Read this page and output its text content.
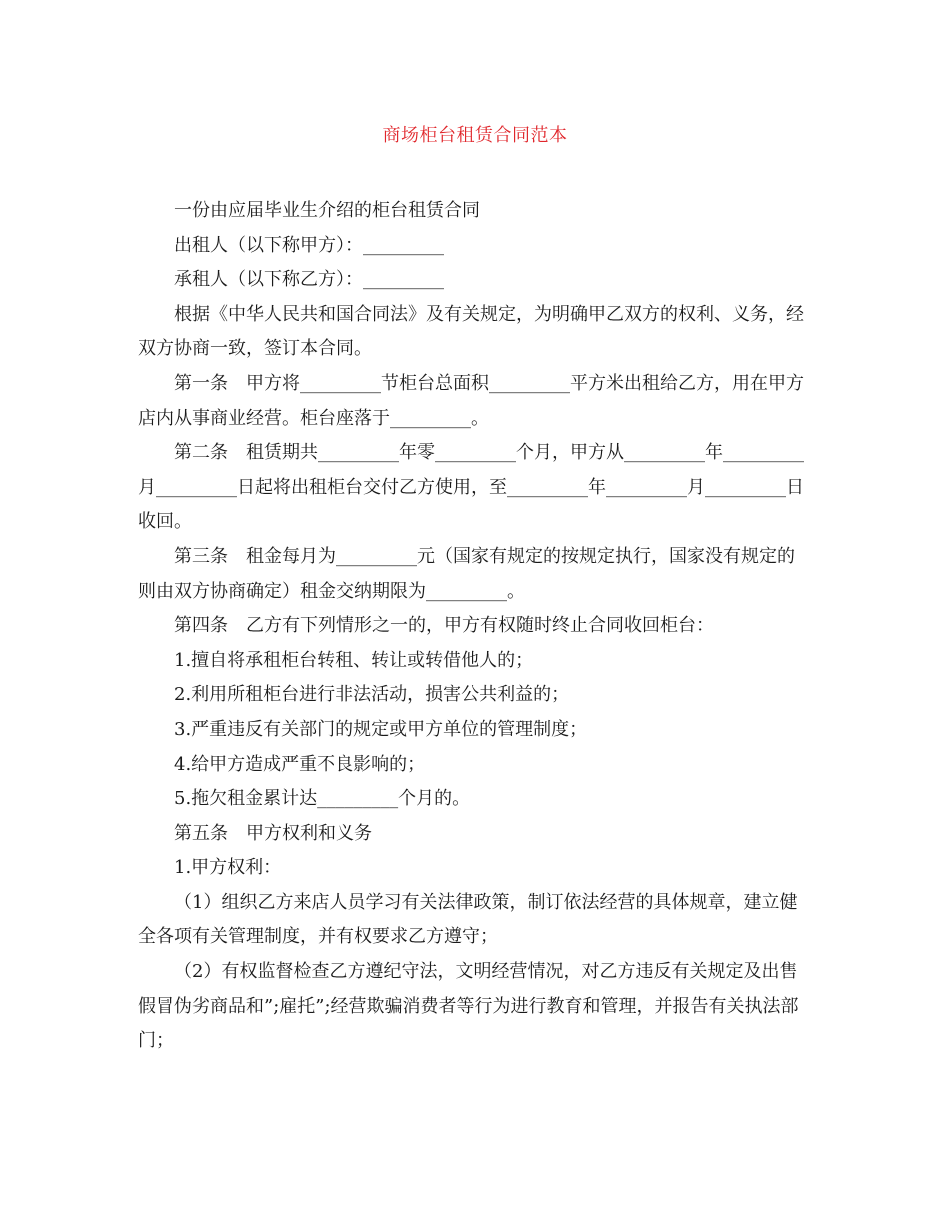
商场柜台租赁合同范本

一份由应届毕业生介绍的柜台租赁合同

出租人（以下称甲方）：_________

承租人（以下称乙方）：_________

根据《中华人民共和国合同法》及有关规定，为明确甲乙双方的权利、义务，经双方协商一致，签订本合同。

第一条　甲方将_________节柜台总面积_________平方米出租给乙方，用在甲方店内从事商业经营。柜台座落于_________。

第二条　租赁期共_________年零_________个月，甲方从_________年_________月_________日起将出租柜台交付乙方使用，至_________年_________月_________日收回。

第三条　租金每月为_________元（国家有规定的按规定执行，国家没有规定的则由双方协商确定）租金交纳期限为_________。

第四条　乙方有下列情形之一的，甲方有权随时终止合同收回柜台：

1.擅自将承租柜台转租、转让或转借他人的；

2.利用所租柜台进行非法活动，损害公共利益的；

3.严重违反有关部门的规定或甲方单位的管理制度；

4.给甲方造成严重不良影响的；

5.拖欠租金累计达_________个月的。

第五条　甲方权利和义务

1.甲方权利：

（1）组织乙方来店人员学习有关法律政策，制订依法经营的具体规章，建立健全各项有关管理制度，并有权要求乙方遵守；

（2）有权监督检查乙方遵纪守法，文明经营情况，对乙方违反有关规定及出售假冒伪劣商品和”;雇托”;经营欺骗消费者等行为进行教育和管理，并报告有关执法部门；
